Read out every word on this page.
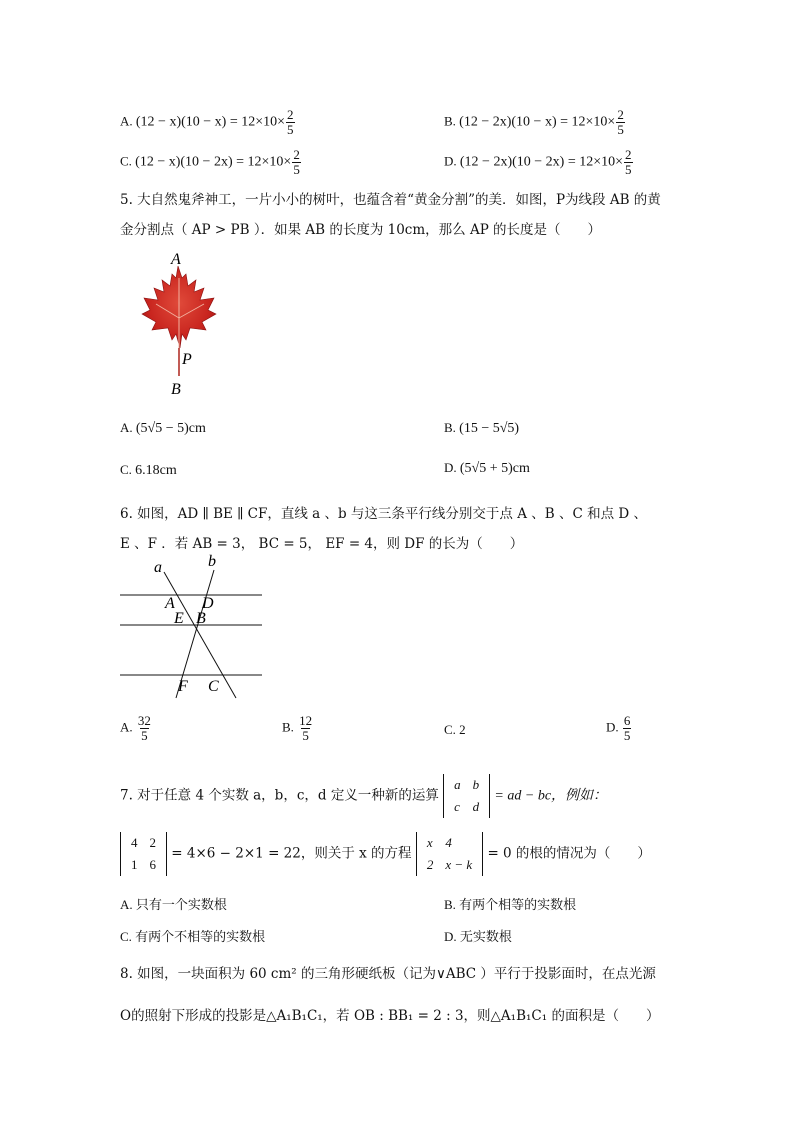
A. $(12 - x)(10 - x) = 12\times 10\times \frac{2}{5}$	B. $(12 - 2x)(10 - x) = 12\times 10\times \frac{2}{5}$
C. $(12 - x)(10 - 2x) = 12\times 10\times \frac{2}{5}$	D. $(12 - 2x)(10 - 2x) = 12\times 10\times \frac{2}{5}$
5. 大自然鬼斧神工，一片小小的树叶，也蕴含着“黄金分割”的美．如图，P为线段 AB 的黄
金分割点（ AP > PB ）．如果 AB 的长度为 10cm，那么 AP 的长度是（　　）
A
P
B
A. (5√5 − 5)cm	B. (15 − 5√5)
C. 6.18cm	D. (5√5 + 5)cm
6. 如图，AD ∥ BE ∥ CF，直线 a 、b 与这三条平行线分别交于点 A 、B 、C 和点 D 、
E 、F ．若 AB = 3， BC = 5， EF = 4，则 DF 的长为（　　）
a	b
A D
E B
F C
A. $\frac{32}{5}$	B. $\frac{12}{5}$	C. 2	D. $\frac{6}{5}$
7. 对于任意 4 个实数 a，b，c，d 定义一种新的运算
a	b
c	d
= ad − bc，例如：
4	2
1	6
= 4×6 − 2×1 = 22，则关于 x 的方程
x	4
2	x − k
= 0 的根的情况为（　　）
A. 只有一个实数根	B. 有两个相等的实数根
C. 有两个不相等的实数根	D. 无实数根
8. 如图，一块面积为 60 cm² 的三角形硬纸板（记为∨ABC ）平行于投影面时，在点光源
O的照射下形成的投影是△A₁B₁C₁，若 OB : BB₁ = 2 : 3，则△A₁B₁C₁ 的面积是（　　）
